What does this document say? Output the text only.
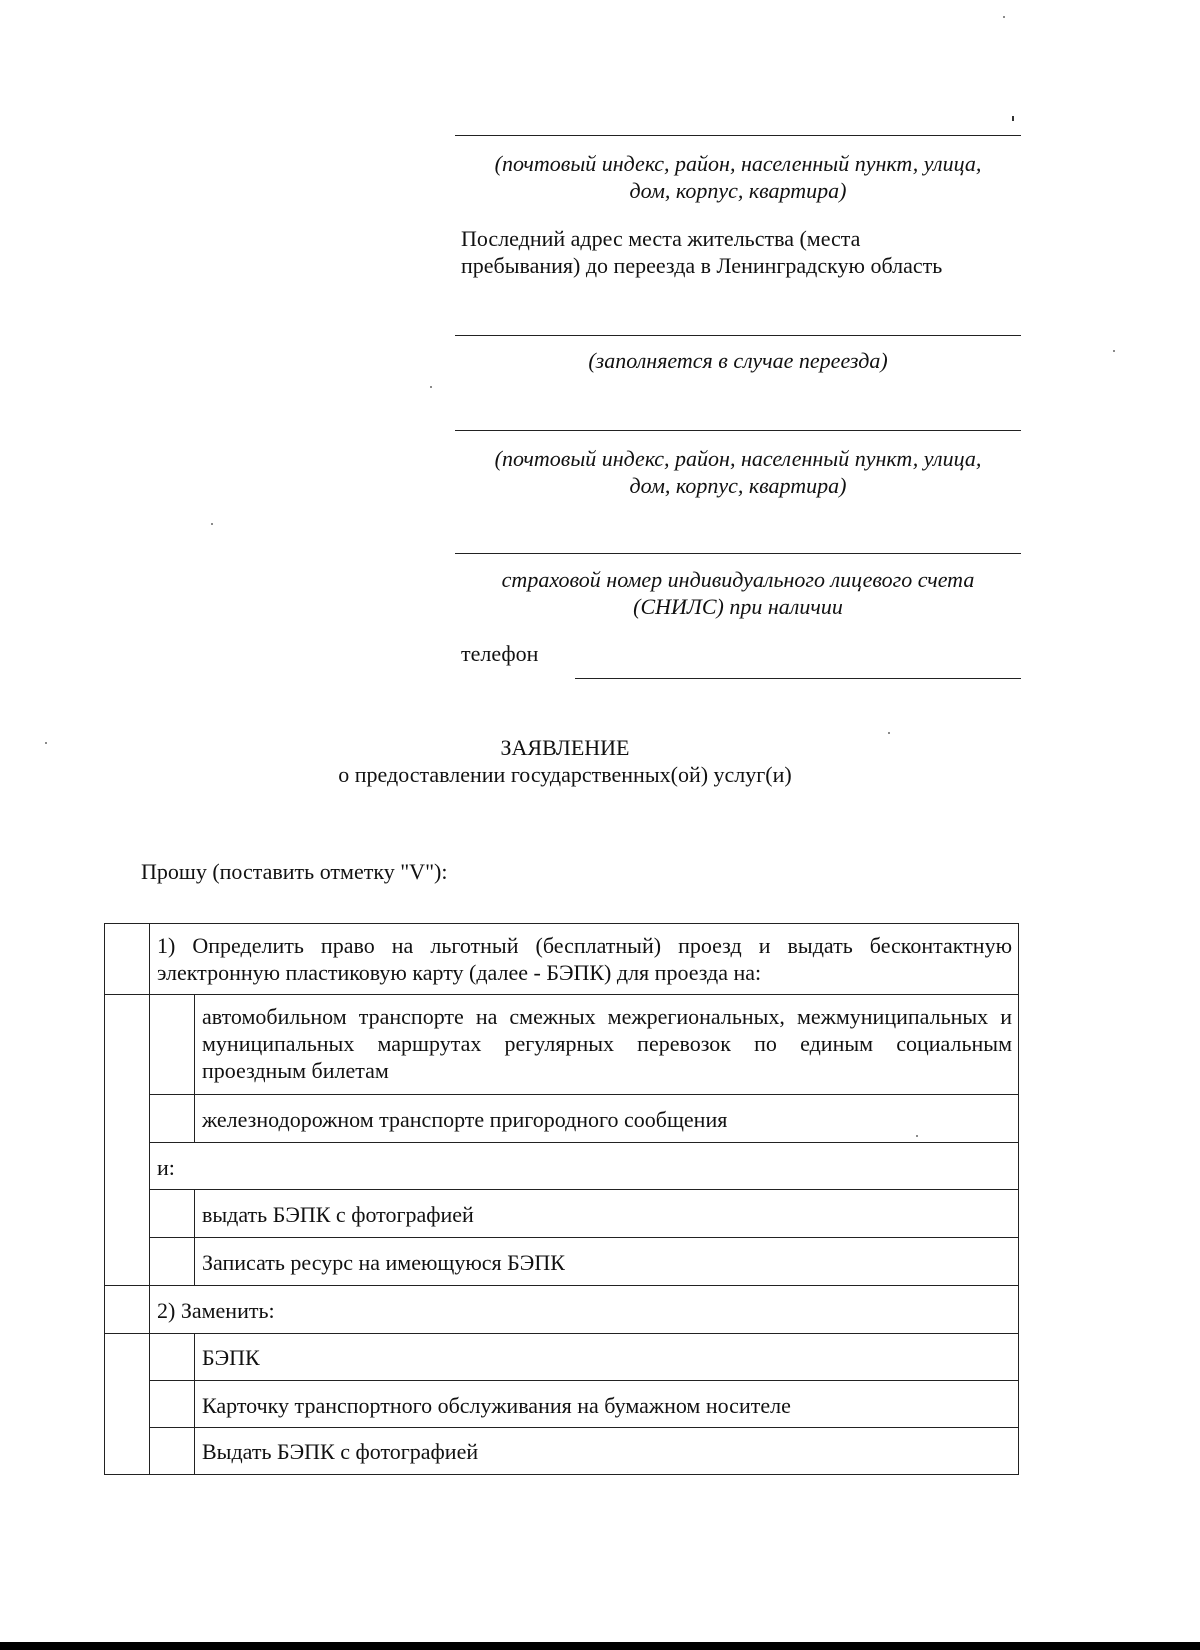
(почтовый индекс, район, населенный пункт, улица,
дом, корпус, квартира)
Последний адрес места жительства (места
пребывания) до переезда в Ленинградскую область
(заполняется в случае переезда)
(почтовый индекс, район, населенный пункт, улица,
дом, корпус, квартира)
страховой номер индивидуального лицевого счета
(СНИЛС) при наличии
телефон
ЗАЯВЛЕНИЕ
о предоставлении государственных(ой) услуг(и)
Прошу (поставить отметку "V"):
	1) Определить право на льготный (бесплатный) проезд и выдать бесконтактную электронную пластиковую карту (далее - БЭПК) для проезда на:	
		автомобильном транспорте на смежных межрегиональных, межмуниципальных и муниципальных маршрутах регулярных перевозок по единым социальным проездным билетам
		железнодорожном транспорте пригородного сообщения
	и:	
		выдать БЭПК с фотографией
		Записать ресурс на имеющуюся БЭПК
	2) Заменить:	
		БЭПК
		Карточку транспортного обслуживания на бумажном носителе
		Выдать БЭПК с фотографией
